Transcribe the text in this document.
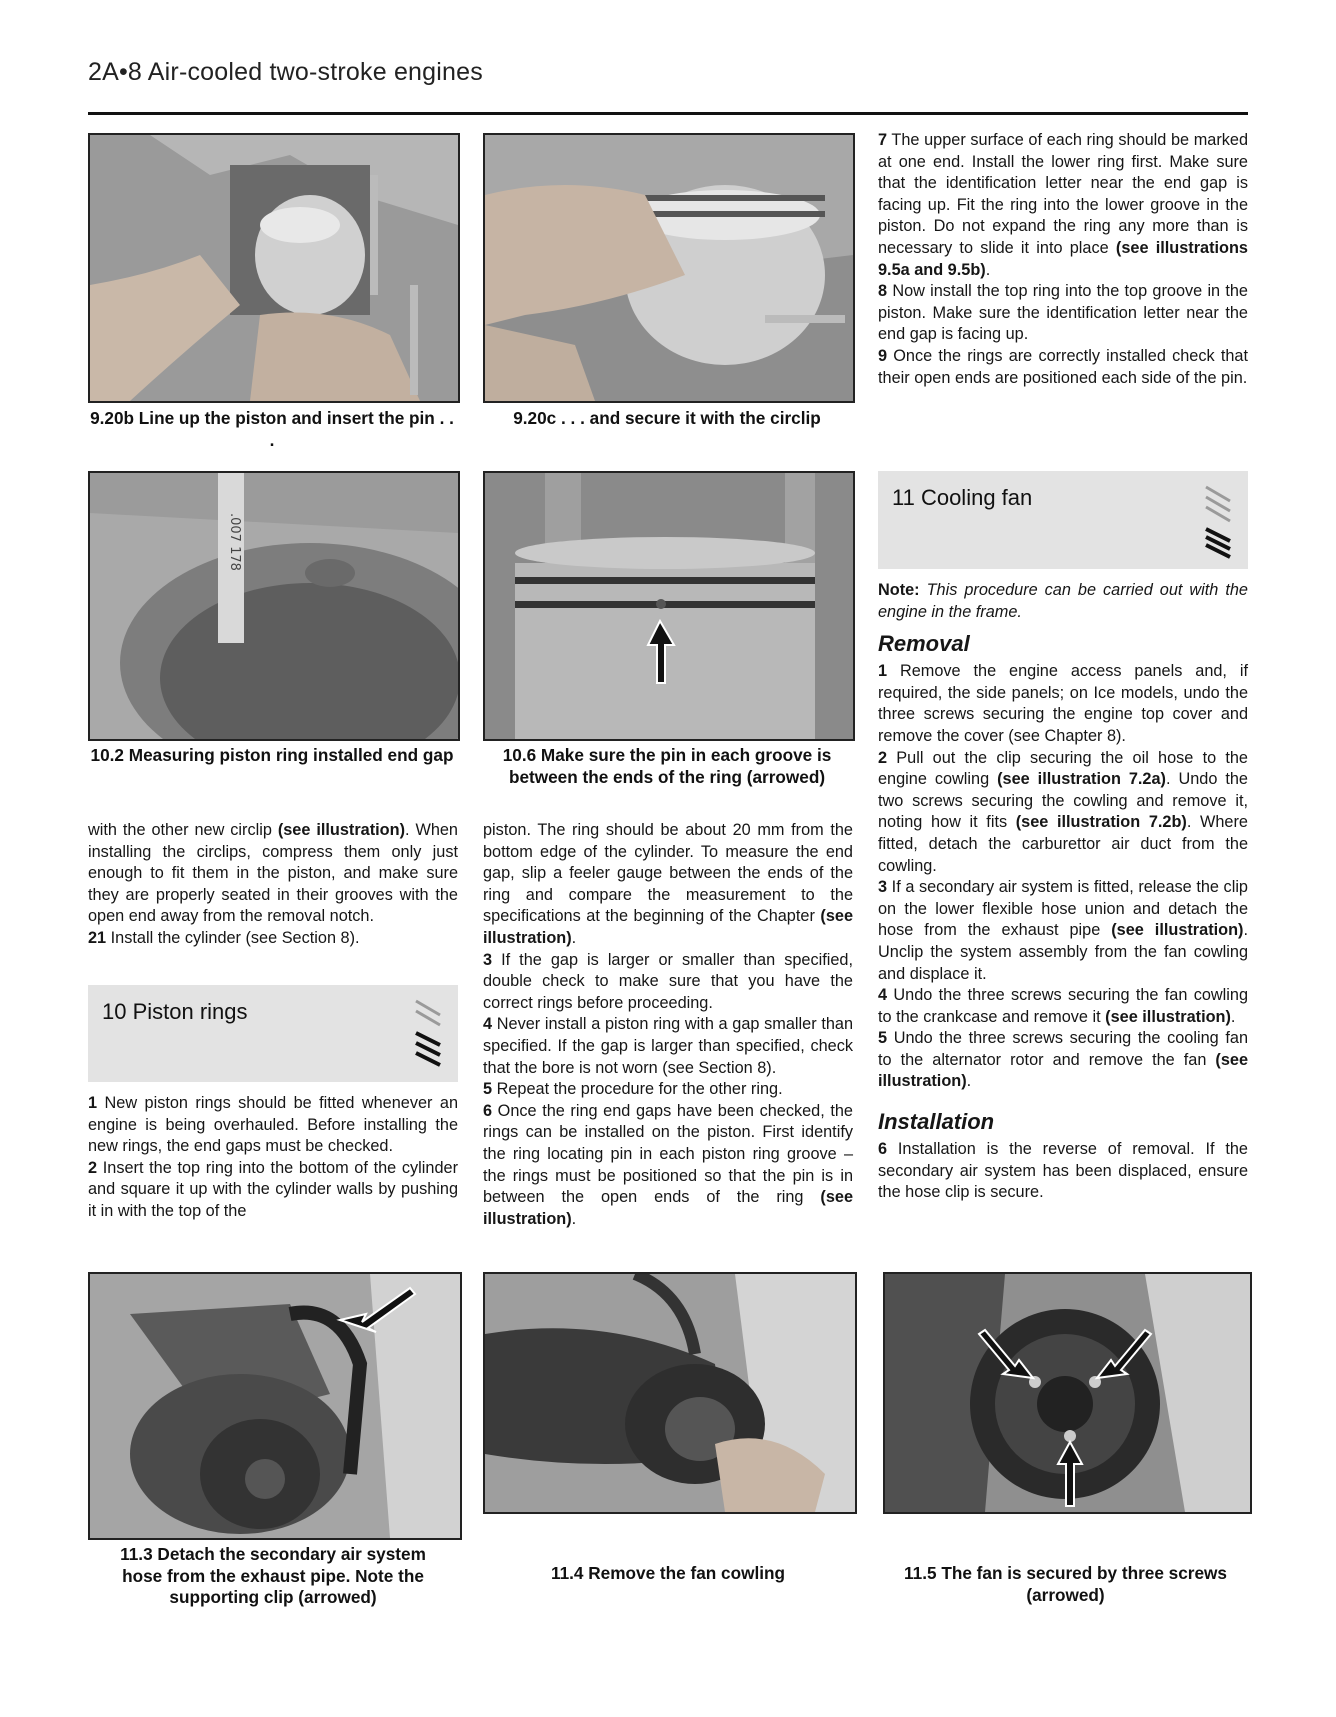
2A•8 Air-cooled two-stroke engines
9.20b Line up the piston and insert the pin . . .
9.20c . . . and secure it with the circlip

7 The upper surface of each ring should be marked at one end. Install the lower ring first. Make sure that the identification letter near the end gap is facing up. Fit the ring into the lower groove in the piston. Do not expand the ring any more than is necessary to slide it into place (see illustrations 9.5a and 9.5b).

8 Now install the top ring into the top groove in the piston. Make sure the identification letter near the end gap is facing up.

9 Once the rings are correctly installed check that their open ends are positioned each side of the pin.

.007 178
10.2 Measuring piston ring installed end gap	10.6 Make sure the pin in each groove is between the ends of the ring (arrowed)
11 Cooling fan

with the other new circlip (see illustration). When installing the circlips, compress them only just enough to fit them in the piston, and make sure they are properly seated in their grooves with the open end away from the removal notch.

21 Install the cylinder (see Section 8).

10 Piston rings

1 New piston rings should be fitted whenever an engine is being overhauled. Before installing the new rings, the end gaps must be checked.

2 Insert the top ring into the bottom of the cylinder and square it up with the cylinder walls by pushing it in with the top of the

piston. The ring should be about 20 mm from the bottom edge of the cylinder. To measure the end gap, slip a feeler gauge between the ends of the ring and compare the measurement to the specifications at the beginning of the Chapter (see illustration).

3 If the gap is larger or smaller than specified, double check to make sure that you have the correct rings before proceeding.

4 Never install a piston ring with a gap smaller than specified. If the gap is larger than specified, check that the bore is not worn (see Section 8).

5 Repeat the procedure for the other ring.

6 Once the ring end gaps have been checked, the rings can be installed on the piston. First identify the ring locating pin in each piston ring groove – the rings must be positioned so that the pin is in between the open ends of the ring (see illustration).

Note: This procedure can be carried out with the engine in the frame.

Removal

1 Remove the engine access panels and, if required, the side panels; on Ice models, undo the three screws securing the engine top cover and remove the cover (see Chapter 8).

2 Pull out the clip securing the oil hose to the engine cowling (see illustration 7.2a). Undo the two screws securing the cowling and remove it, noting how it fits (see illustration 7.2b). Where fitted, detach the carburettor air duct from the cowling.

3 If a secondary air system is fitted, release the clip on the lower flexible hose union and detach the hose from the exhaust pipe (see illustration). Unclip the system assembly from the fan cowling and displace it.

4 Undo the three screws securing the fan cowling to the crankcase and remove it (see illustration).

5 Undo the three screws securing the cooling fan to the alternator rotor and remove the fan (see illustration).

Installation

6 Installation is the reverse of removal. If the secondary air system has been displaced, ensure the hose clip is secure.

11.3 Detach the secondary air system hose from the exhaust pipe. Note the supporting clip (arrowed)
11.4 Remove the fan cowling	11.5 The fan is secured by three screws (arrowed)
